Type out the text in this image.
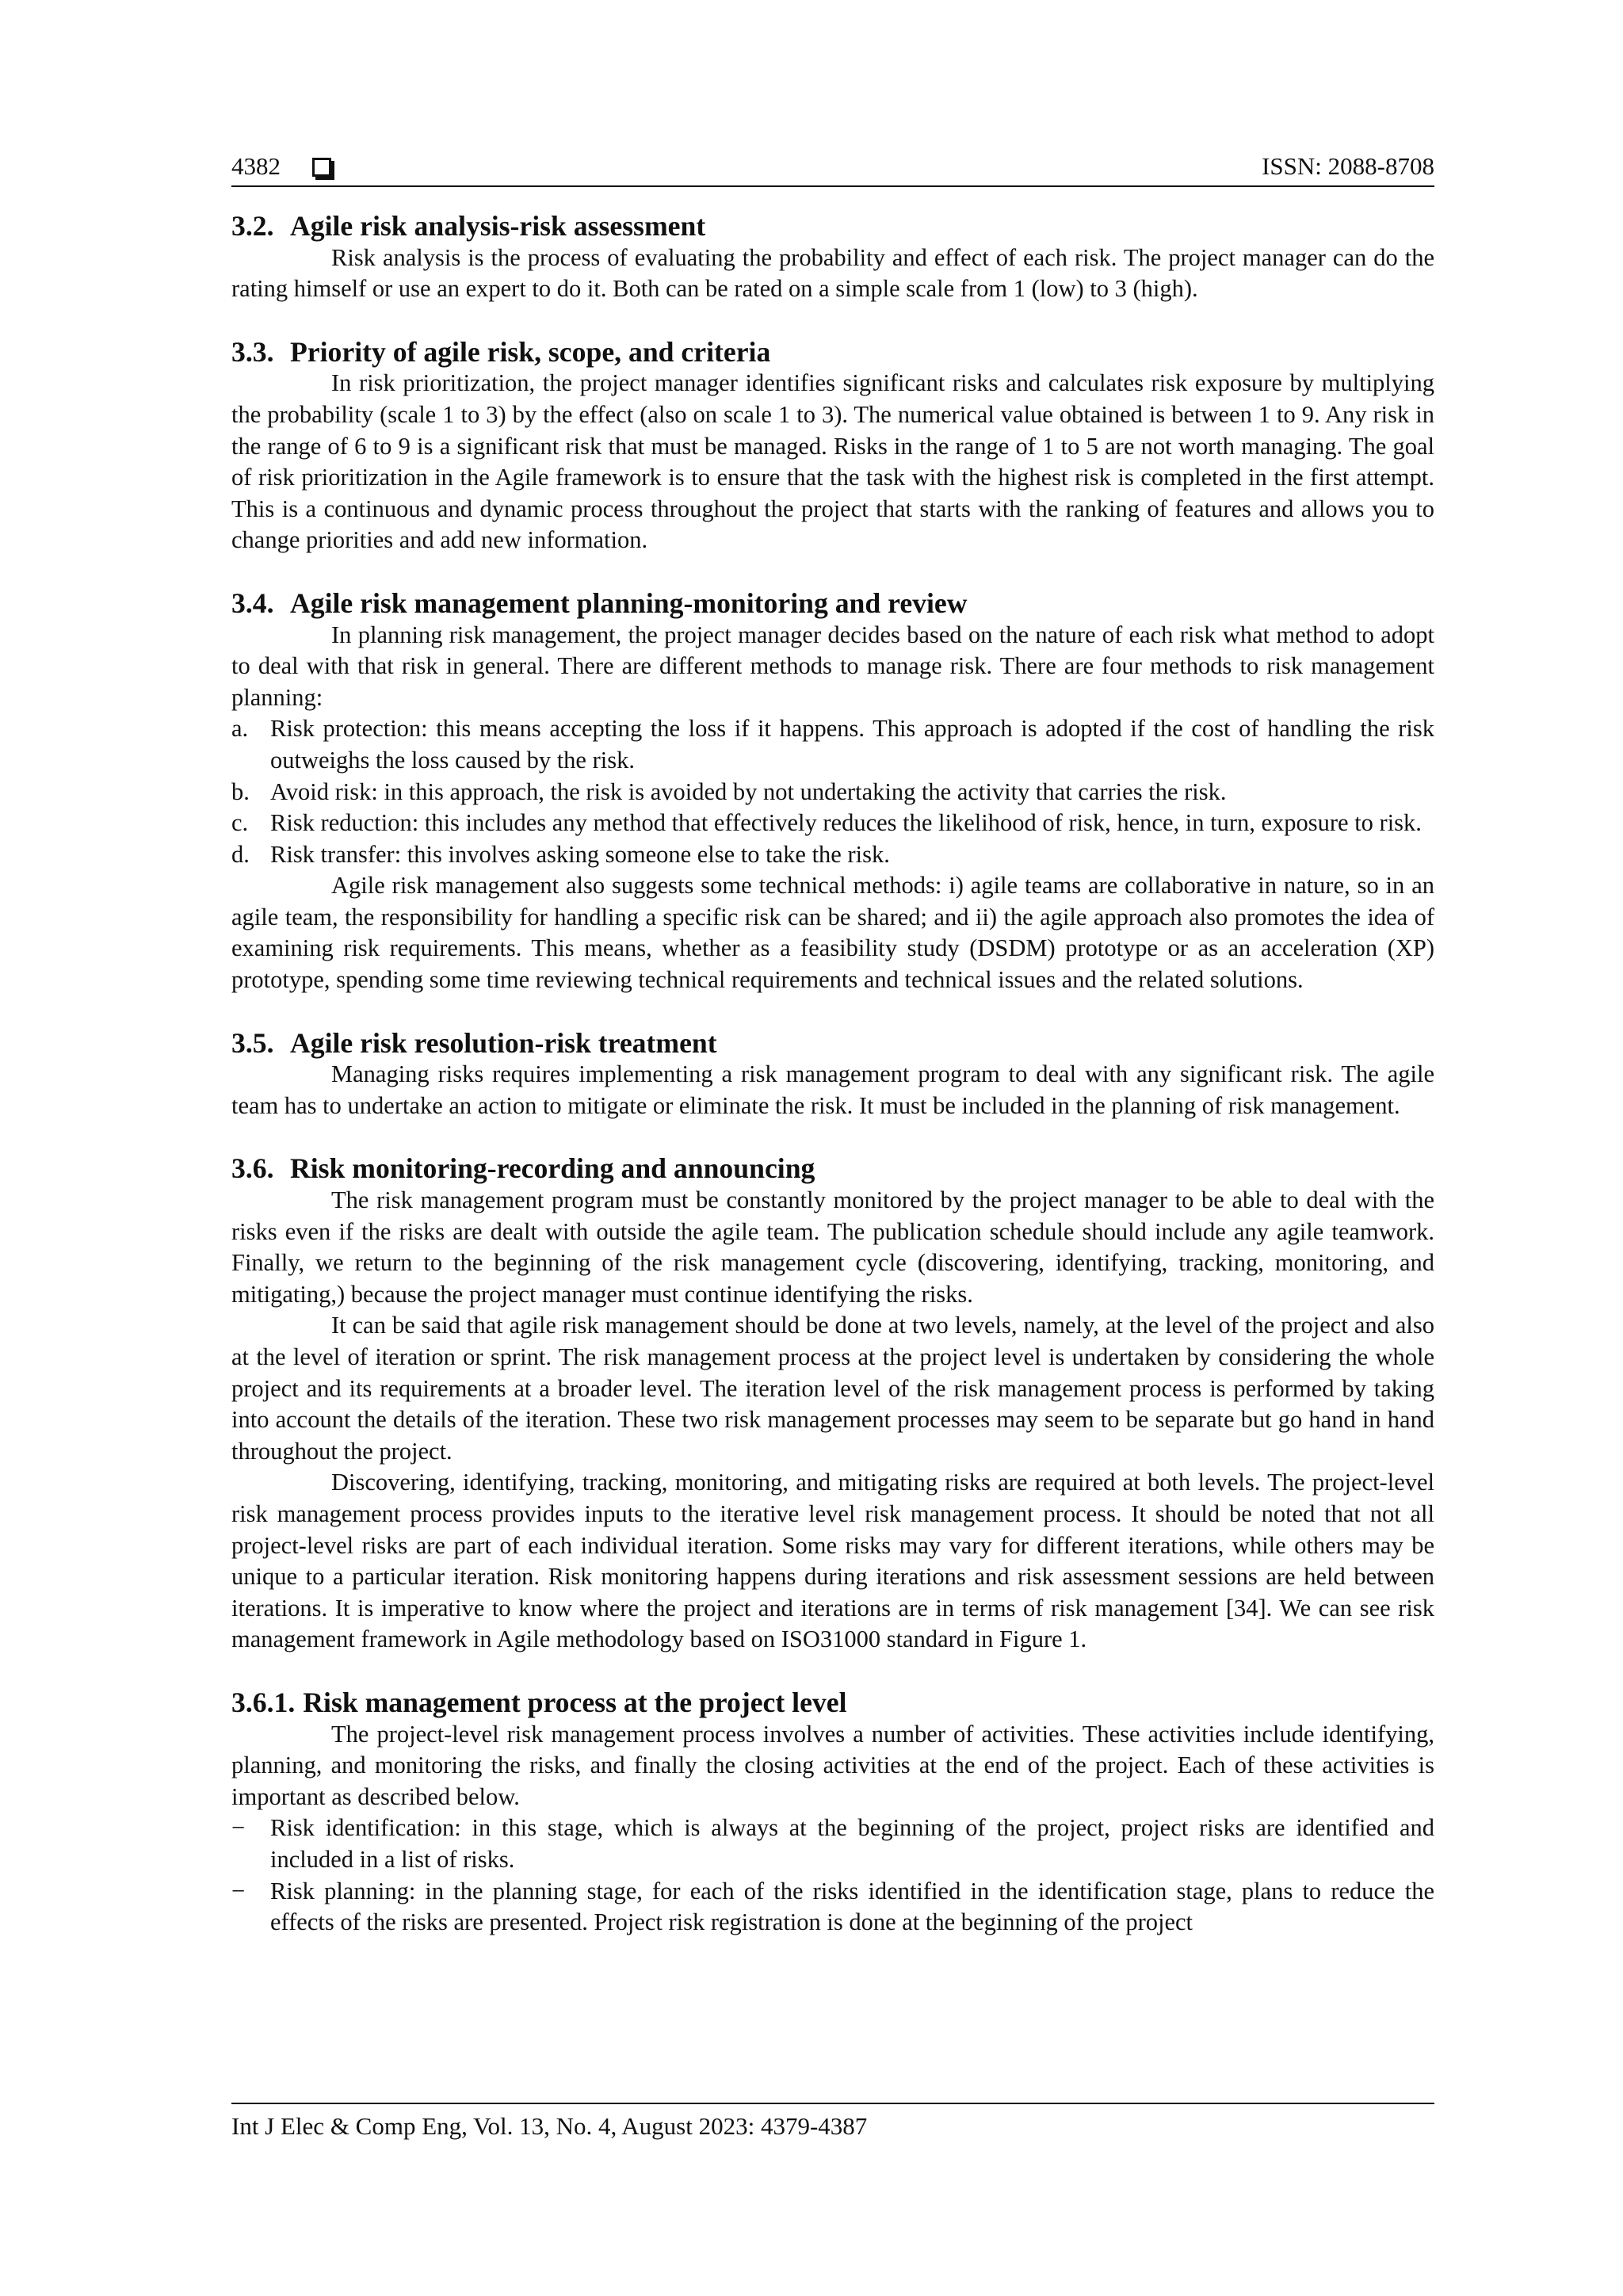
4382	ISSN: 2088-8708
3.2. Agile risk analysis-risk assessment

Risk analysis is the process of evaluating the probability and effect of each risk. The project manager can do the rating himself or use an expert to do it. Both can be rated on a simple scale from 1 (low) to 3 (high).

3.3. Priority of agile risk, scope, and criteria

In risk prioritization, the project manager identifies significant risks and calculates risk exposure by multiplying the probability (scale 1 to 3) by the effect (also on scale 1 to 3). The numerical value obtained is between 1 to 9. Any risk in the range of 6 to 9 is a significant risk that must be managed. Risks in the range of 1 to 5 are not worth managing. The goal of risk prioritization in the Agile framework is to ensure that the task with the highest risk is completed in the first attempt. This is a continuous and dynamic process throughout the project that starts with the ranking of features and allows you to change priorities and add new information.

3.4. Agile risk management planning-monitoring and review

In planning risk management, the project manager decides based on the nature of each risk what method to adopt to deal with that risk in general. There are different methods to manage risk. There are four methods to risk management planning:

a. Risk protection: this means accepting the loss if it happens. This approach is adopted if the cost of handling the risk outweighs the loss caused by the risk.
b. Avoid risk: in this approach, the risk is avoided by not undertaking the activity that carries the risk.
c. Risk reduction: this includes any method that effectively reduces the likelihood of risk, hence, in turn, exposure to risk.
d. Risk transfer: this involves asking someone else to take the risk.

Agile risk management also suggests some technical methods: i) agile teams are collaborative in nature, so in an agile team, the responsibility for handling a specific risk can be shared; and ii) the agile approach also promotes the idea of examining risk requirements. This means, whether as a feasibility study (DSDM) prototype or as an acceleration (XP) prototype, spending some time reviewing technical requirements and technical issues and the related solutions.

3.5. Agile risk resolution-risk treatment

Managing risks requires implementing a risk management program to deal with any significant risk. The agile team has to undertake an action to mitigate or eliminate the risk. It must be included in the planning of risk management.

3.6. Risk monitoring-recording and announcing

The risk management program must be constantly monitored by the project manager to be able to deal with the risks even if the risks are dealt with outside the agile team. The publication schedule should include any agile teamwork. Finally, we return to the beginning of the risk management cycle (discovering, identifying, tracking, monitoring, and mitigating,) because the project manager must continue identifying the risks.

It can be said that agile risk management should be done at two levels, namely, at the level of the project and also at the level of iteration or sprint. The risk management process at the project level is undertaken by considering the whole project and its requirements at a broader level. The iteration level of the risk management process is performed by taking into account the details of the iteration. These two risk management processes may seem to be separate but go hand in hand throughout the project.

Discovering, identifying, tracking, monitoring, and mitigating risks are required at both levels. The project-level risk management process provides inputs to the iterative level risk management process. It should be noted that not all project-level risks are part of each individual iteration. Some risks may vary for different iterations, while others may be unique to a particular iteration. Risk monitoring happens during iterations and risk assessment sessions are held between iterations. It is imperative to know where the project and iterations are in terms of risk management [34]. We can see risk management framework in Agile methodology based on ISO31000 standard in Figure 1.

3.6.1. Risk management process at the project level

The project-level risk management process involves a number of activities. These activities include identifying, planning, and monitoring the risks, and finally the closing activities at the end of the project. Each of these activities is important as described below.

− Risk identification: in this stage, which is always at the beginning of the project, project risks are identified and included in a list of risks.
− Risk planning: in the planning stage, for each of the risks identified in the identification stage, plans to reduce the effects of the risks are presented. Project risk registration is done at the beginning of the project
Int J Elec & Comp Eng, Vol. 13, No. 4, August 2023: 4379-4387
